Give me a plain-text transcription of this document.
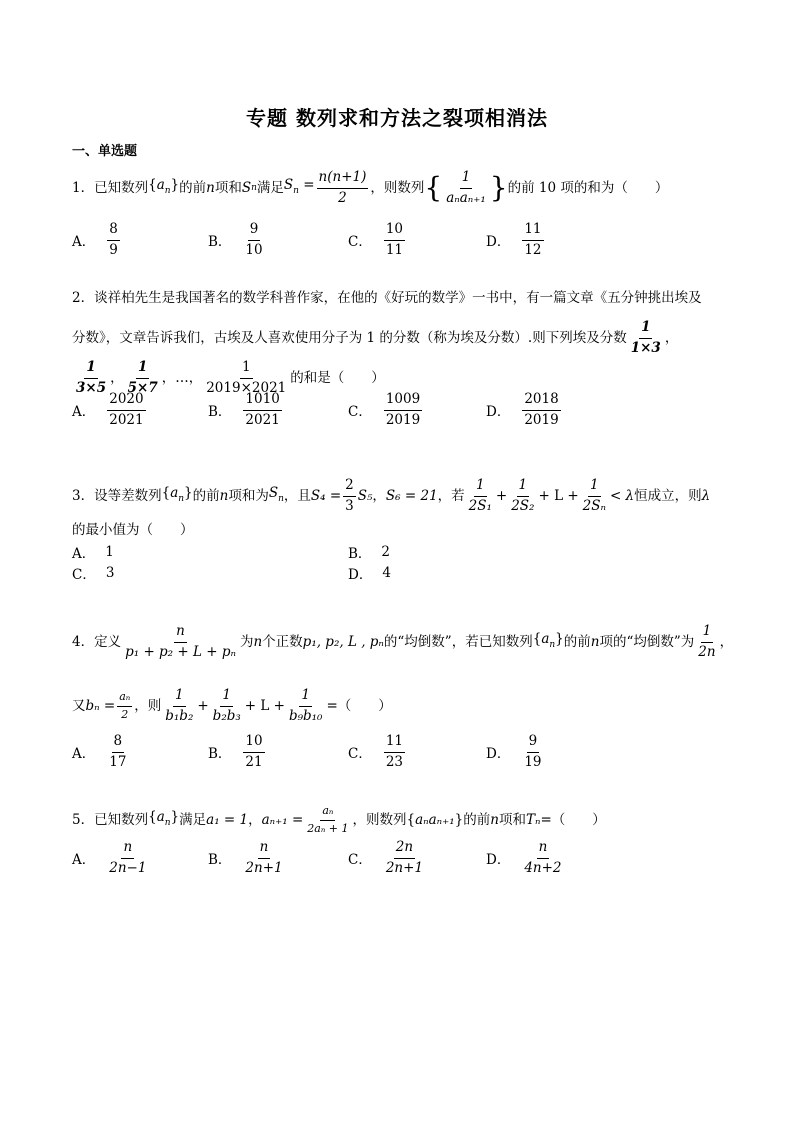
专题 数列求和方法之裂项相消法
一、单选题
1．已知数列 $\{a_n\}$ 的前 n 项和 S n 满足 $S_n = \frac{n(n+1)}{2}$ ，则数列 { $\frac{1}{\text{aₙaₙ₊₁}}$ } 的前 10 项的和为（　　）
A． $\frac{8}{9}$	B． $\frac{9}{10}$	C． $\frac{10}{11}$	D． $\frac{11}{12}$
2．谈祥柏先生是我国著名的数学科普作家，在他的《好玩的数学》一书中，有一篇文章《五分钟挑出埃及
分数》，文章告诉我们，古埃及人喜欢使用分子为 1 的分数（称为埃及分数）.则下列埃及分数 $\frac{1}{1\times 3}$ ，
$\frac{1}{3\times 5}$ ， $\frac{1}{5\times 7}$ ，…， $\frac{1}{2019\times 2021}$ 的和是（　　）
A． $\frac{2020}{2021}$	B． $\frac{1010}{2021}$	C． $\frac{1009}{2019}$	D． $\frac{2018}{2019}$
3．设等差数列 $\{a_n\}$ 的前 n 项和为 $S_n$ ，且 $S_4 = \frac{2}{3} S_5$ ， S₆ = 21 ，若 $\frac{1}{\text{2S₁}} + \frac{1}{\text{2S₂}} + L + \frac{1}{\text{2Sₙ}} < \lambda$ 恒成立，则 λ
的最小值为（　　）
A． 1	B． 2
C． 3	D． 4
4．定义 $\frac{n}{\text{p₁ + p₂ + L + pₙ}}$ 为 n 个正数 p₁, p₂, L , pₙ 的“均倒数”，若已知数列 $\{a_n\}$ 的前 n 项的“均倒数”为 $\frac{1}{2n}$ ，
又 $b_n = \frac{\text{aₙ}}{2}$ ，则 $\frac{1}{\text{b₁b₂}} + \frac{1}{\text{b₂b₃}} + L + \frac{1}{\text{b₉b₁₀}}$ =（　　）
A． $\frac{8}{17}$	B． $\frac{10}{21}$	C． $\frac{11}{23}$	D． $\frac{9}{19}$
5．已知数列 $\{a_n\}$ 满足 a₁ = 1 ， $a_{n+1} = \frac{\text{aₙ}}{\text{2aₙ + 1}}$ ，则数列 {aₙaₙ₊₁} 的前 n 项和 Tₙ =（　　）
A． $\frac{n}{2n-1}$	B． $\frac{n}{2n+1}$	C． $\frac{2n}{2n+1}$	D． $\frac{n}{4n+2}$
